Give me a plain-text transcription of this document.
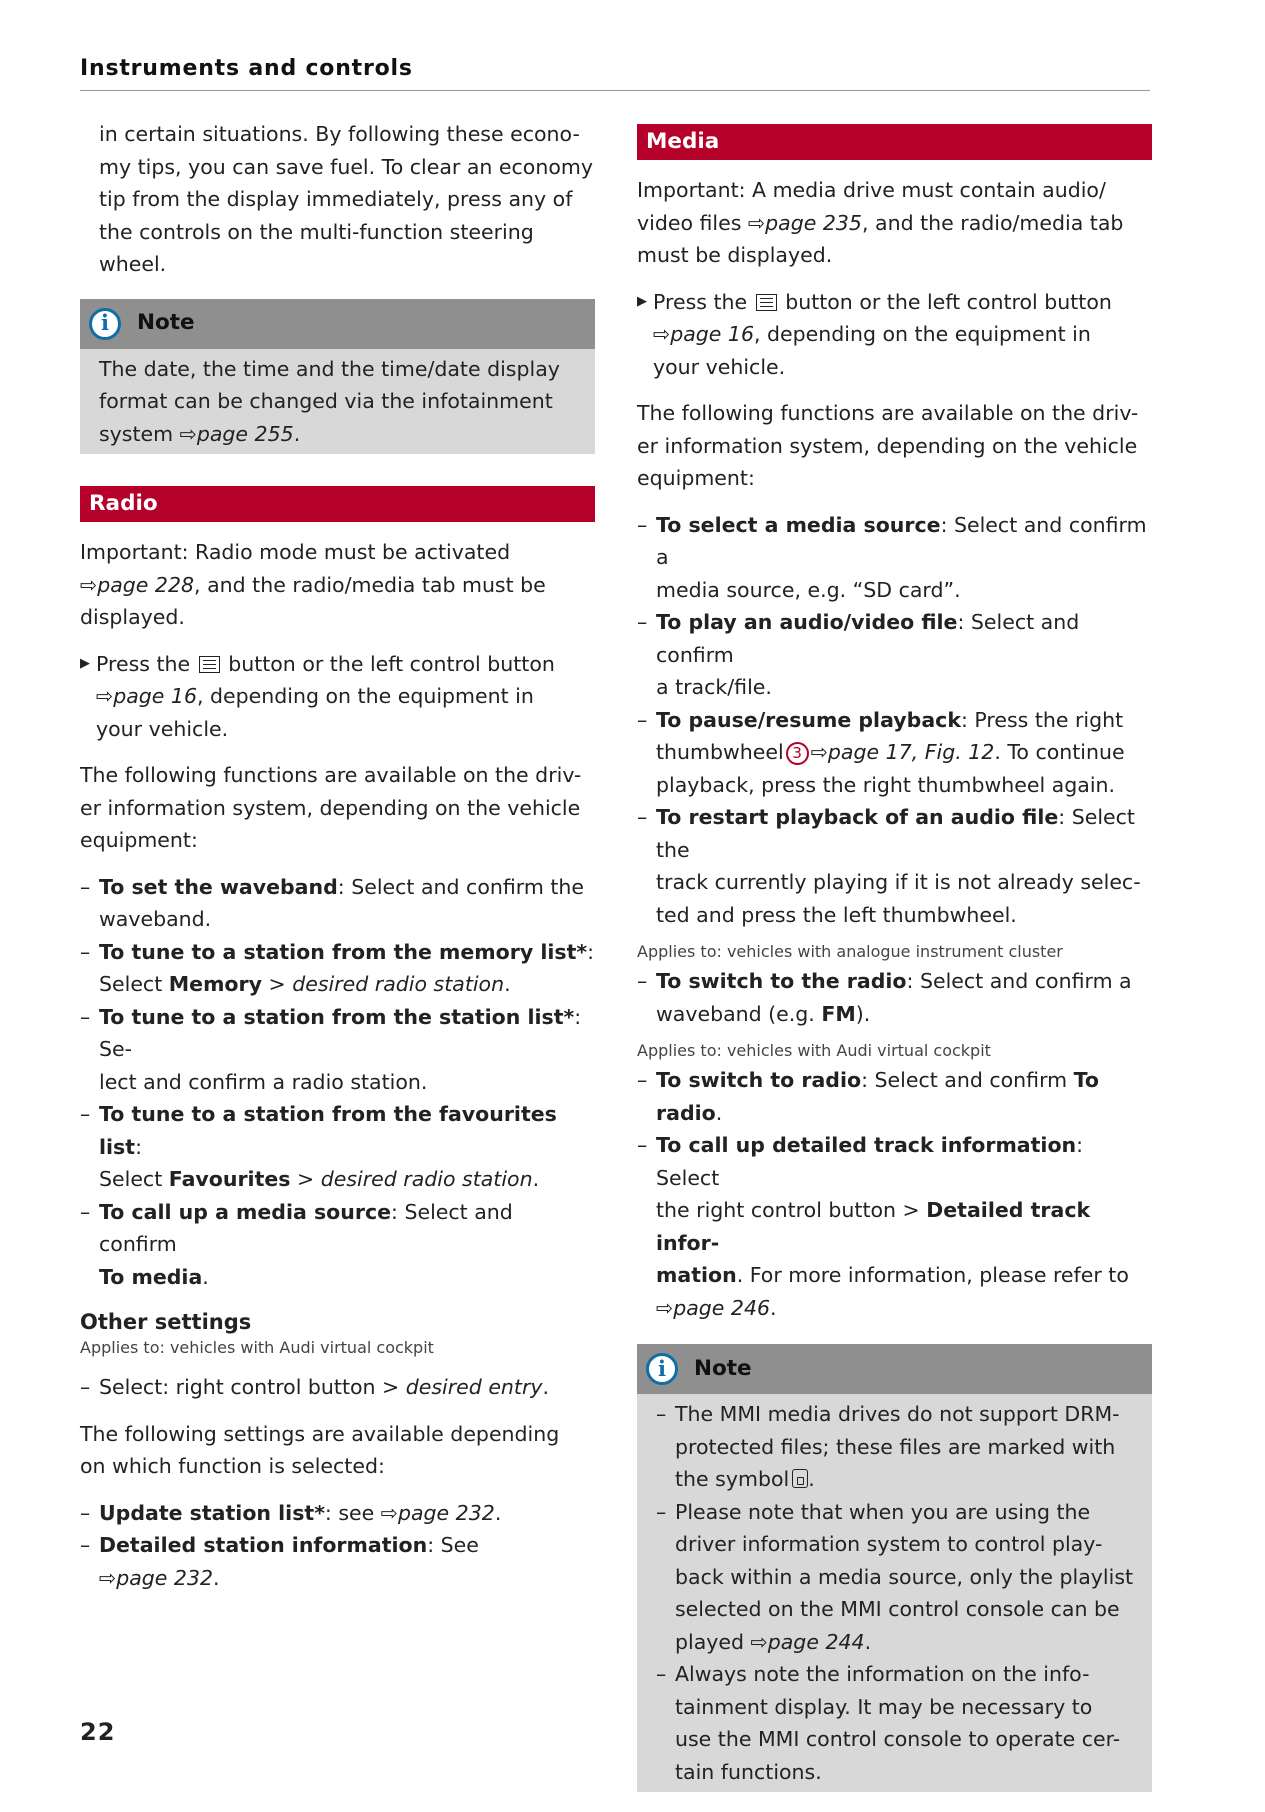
Instruments and controls

in certain situations. By following these econo-

my tips, you can save fuel. To clear an economy

tip from the display immediately, press any of

the controls on the multi-function steering

wheel.

i	Note

The date, the time and the time/date display

format can be changed via the infotainment

system ⇨page 255.

Radio

Important: Radio mode must be activated

⇨page 228, and the radio/media tab must be

displayed.

▶ Press the button or the left control button

⇨page 16, depending on the equipment in

your vehicle.

The following functions are available on the driv-

er information system, depending on the vehicle

equipment:

– To set the waveband: Select and confirm the

waveband.

– To tune to a station from the memory list*:

Select Memory > desired radio station.

– To tune to a station from the station list*: Se-

lect and confirm a radio station.

– To tune to a station from the favourites list:

Select Favourites > desired radio station.

– To call up a media source: Select and confirm

To media.

Other settings
Applies to: vehicles with Audi virtual cockpit
– Select: right control button > desired entry.

The following settings are available depending

on which function is selected:

– Update station list*: see ⇨page 232.

– Detailed station information: See

⇨page 232.

Media

Important: A media drive must contain audio/

video files ⇨page 235, and the radio/media tab

must be displayed.

▶ Press the button or the left control button

⇨page 16, depending on the equipment in

your vehicle.

The following functions are available on the driv-

er information system, depending on the vehicle

equipment:

– To select a media source: Select and confirm a

media source, e.g. “SD card”.

– To play an audio/video file: Select and confirm

a track/file.

– To pause/resume playback: Press the right

thumbwheel 3 ⇨page 17, Fig. 12. To continue

playback, press the right thumbwheel again.

– To restart playback of an audio file: Select the

track currently playing if it is not already selec-

ted and press the left thumbwheel.

Applies to: vehicles with analogue instrument cluster
– To switch to the radio: Select and confirm a

waveband (e.g. FM).

Applies to: vehicles with Audi virtual cockpit
– To switch to radio: Select and confirm To radio.

– To call up detailed track information: Select

the right control button > Detailed track infor-

mation. For more information, please refer to

⇨page 246.

i	Note
– The MMI media drives do not support DRM-

protected files; these files are marked with

the symbol .

– Please note that when you are using the

driver information system to control play-

back within a media source, only the playlist

selected on the MMI control console can be

played ⇨page 244.

– Always note the information on the info-

tainment display. It may be necessary to

use the MMI control console to operate cer-

tain functions.

22
